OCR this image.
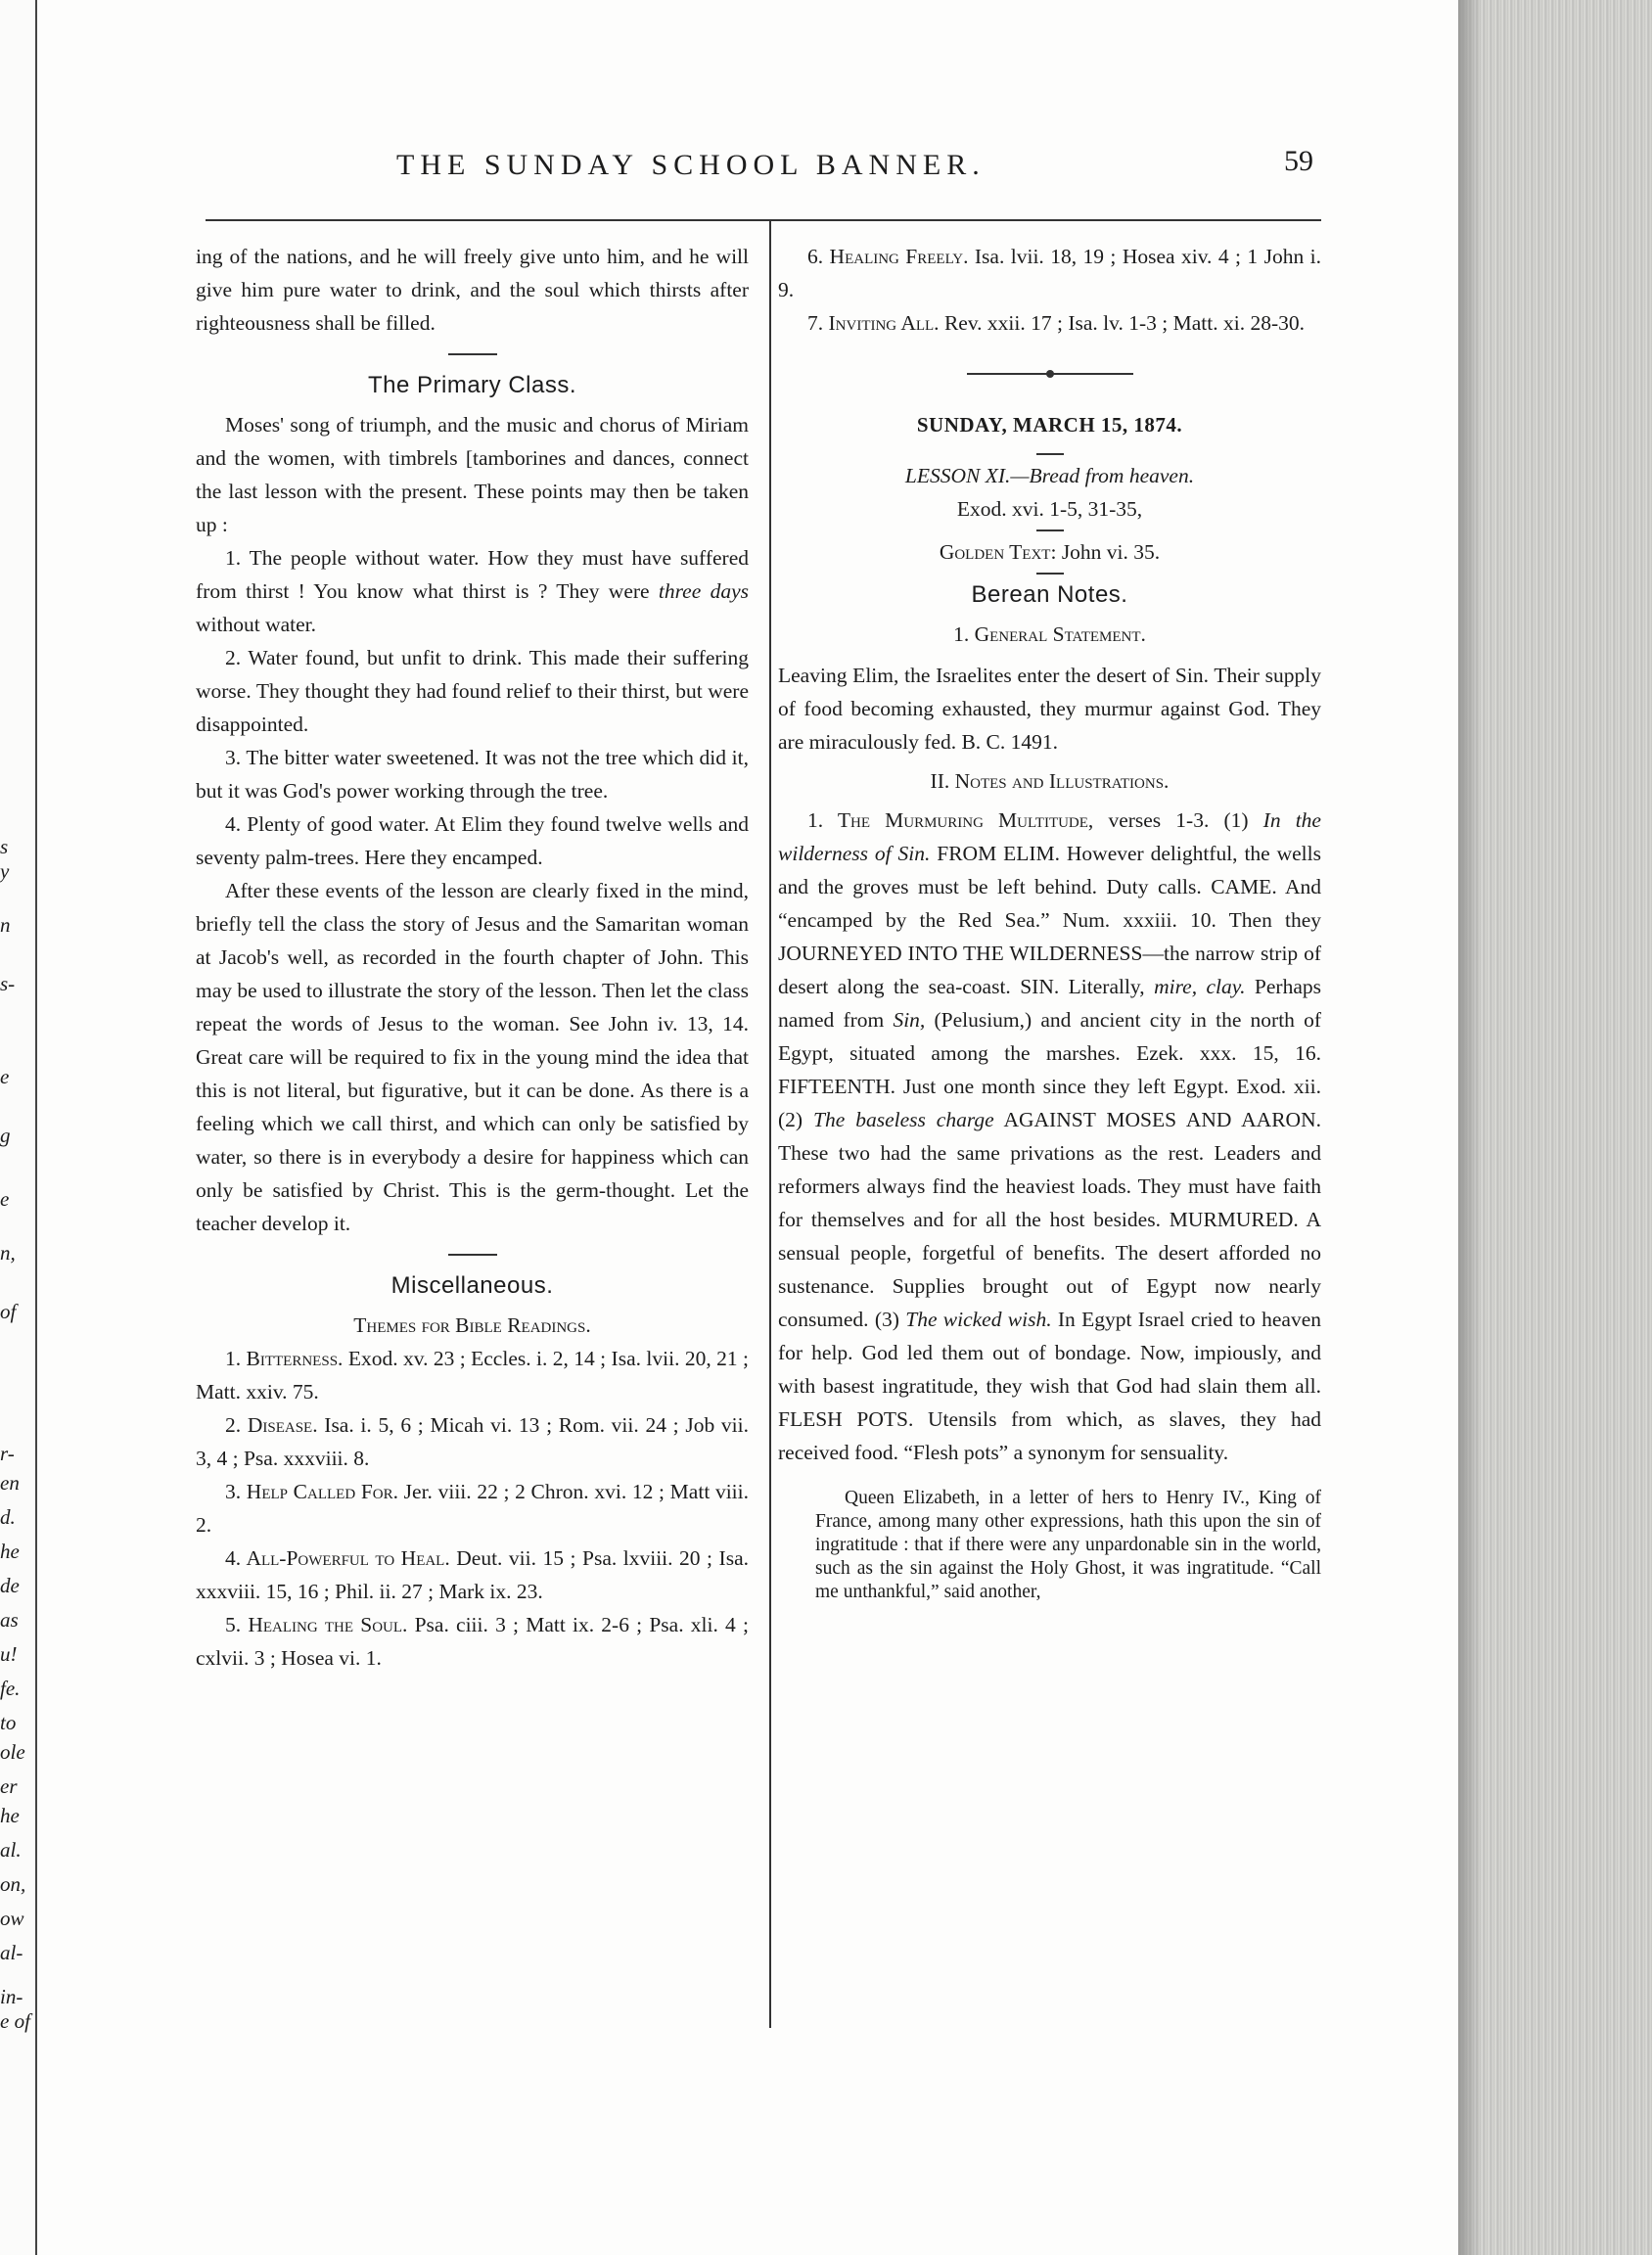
s
y
n
s-
e
g
e
n,
of
r-
en
d.
he
de
as
u!
fe.
to
ole
er
he
al.
on,
ow
al-
in-
e of
THE SUNDAY SCHOOL BANNER.	59

ing of the nations, and he will freely give unto him, and he will give him pure water to drink, and the soul which thirsts after righteousness shall be filled.

The Primary Class.

Moses' song of triumph, and the music and chorus of Miriam and the women, with timbrels [tamborines and dances, connect the last lesson with the present. These points may then be taken up :

1. The people without water. How they must have suffered from thirst ! You know what thirst is ? They were three days without water.

2. Water found, but unfit to drink. This made their suffering worse. They thought they had found relief to their thirst, but were disappointed.

3. The bitter water sweetened. It was not the tree which did it, but it was God's power working through the tree.

4. Plenty of good water. At Elim they found twelve wells and seventy palm-trees. Here they encamped.

After these events of the lesson are clearly fixed in the mind, briefly tell the class the story of Jesus and the Samaritan woman at Jacob's well, as recorded in the fourth chapter of John. This may be used to illustrate the story of the lesson. Then let the class repeat the words of Jesus to the woman. See John iv. 13, 14. Great care will be required to fix in the young mind the idea that this is not literal, but figurative, but it can be done. As there is a feeling which we call thirst, and which can only be satisfied by water, so there is in everybody a desire for happiness which can only be satisfied by Christ. This is the germ-thought. Let the teacher develop it.

Miscellaneous.
Themes for Bible Readings.

1. Bitterness. Exod. xv. 23 ; Eccles. i. 2, 14 ; Isa. lvii. 20, 21 ; Matt. xxiv. 75.

2. Disease. Isa. i. 5, 6 ; Micah vi. 13 ; Rom. vii. 24 ; Job vii. 3, 4 ; Psa. xxxviii. 8.

3. Help Called For. Jer. viii. 22 ; 2 Chron. xvi. 12 ; Matt viii. 2.

4. All-Powerful to Heal. Deut. vii. 15 ; Psa. lxviii. 20 ; Isa. xxxviii. 15, 16 ; Phil. ii. 27 ; Mark ix. 23.

5. Healing the Soul. Psa. ciii. 3 ; Matt ix. 2-6 ; Psa. xli. 4 ; cxlvii. 3 ; Hosea vi. 1.

6. Healing Freely. Isa. lvii. 18, 19 ; Hosea xiv. 4 ; 1 John i. 9.

7. Inviting All. Rev. xxii. 17 ; Isa. lv. 1-3 ; Matt. xi. 28-30.

SUNDAY, MARCH 15, 1874.

LESSON XI.—Bread from heaven.
Exod. xvi. 1-5, 31-35,
Golden Text: John vi. 35.
Berean Notes.
1. General Statement.

Leaving Elim, the Israelites enter the desert of Sin. Their supply of food becoming exhausted, they murmur against God. They are miraculously fed. B. C. 1491.

II. Notes and Illustrations.

1. The Murmuring Multitude, verses 1-3. (1) In the wilderness of Sin. FROM ELIM. However delightful, the wells and the groves must be left behind. Duty calls. CAME. And “encamped by the Red Sea.” Num. xxxiii. 10. Then they JOURNEYED INTO THE WILDERNESS—the narrow strip of desert along the sea-coast. SIN. Literally, mire, clay. Perhaps named from Sin, (Pelusium,) and ancient city in the north of Egypt, situated among the marshes. Ezek. xxx. 15, 16. FIFTEENTH. Just one month since they left Egypt. Exod. xii. (2) The baseless charge AGAINST MOSES AND AARON. These two had the same privations as the rest. Leaders and reformers always find the heaviest loads. They must have faith for themselves and for all the host besides. MURMURED. A sensual people, forgetful of benefits. The desert afforded no sustenance. Supplies brought out of Egypt now nearly consumed. (3) The wicked wish. In Egypt Israel cried to heaven for help. God led them out of bondage. Now, impiously, and with basest ingratitude, they wish that God had slain them all. FLESH POTS. Utensils from which, as slaves, they had received food. “Flesh pots” a synonym for sensuality.

Queen Elizabeth, in a letter of hers to Henry IV., King of France, among many other expressions, hath this upon the sin of ingratitude : that if there were any unpardonable sin in the world, such as the sin against the Holy Ghost, it was ingratitude. “Call me unthankful,” said another,
